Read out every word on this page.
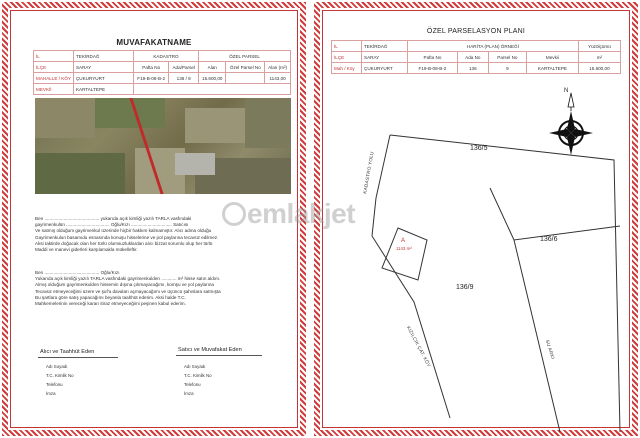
MUVAFAKATNAME
İL	TEKİRDAĞ	KADASTRO		ÖZEL PARSEL		
İLÇE	SARAY	Pafta No	Ada/Parsel	Alan	Özel Parsel No	Alan (m²)
MAHALLE / KÖY	ÇUKURYURT	F19-B-08-B-2	136 / 9	15.600,00		1143,00
MEVKİİ	KARTALTEPE					
Ben ........................................... yukarıda açık kimliği yazılı TARLA vasfındaki
gayrimenkulün .................................. Oğlu/Kızı ................................ Satıcısı
Ve satmış olduğum gayrimenkul üzerinde hiçbir hakkım kalmamıştır. Alıcı adına olduğu
Gayrimenkulun basamıdu esnasında konuşu hisselerine ve pol paylarına tecavüz edilmez.
Aksi taktirde doğacak olan her türlü olumsuzluklardan alıcı bizzat sorumlu olup her türlü
Maddi ve manevi giderleri karşılamakla mükelleftir.
Ben ........................................... Oğlu/Kızı
Yukarıda açık kimliği yazılı TARLA vasfındaki gayrimenkulden ............ m² hisse satın aldım.
Almış olduğum gayrimenkulden hissemin dışına çıkmayacağımı, komşu ve yol paylarına
Tecavüz etmeyeceğimi üzere ve şuf'a davaları açmayacağımı ve üçüncü şahıslara satmışta
Bu şartlara göre satış yapacağımı beyanla taahhüt ederim. Aksi halde T.C.
Mahkemelerinin vereceği kararı itiraz etmeyeceğimi peşinen kabul ederim.
Alıcı ve Taahhüt Eden
Adı Soyadı
T.C. Kimlik No
Telefonu
İmza
Satıcı ve Muvafakat Eden
Adı Soyadı
T.C. Kimlik No
Telefonu
İmza
ÖZEL PARSELASYON PLANI
İL	TEKİRDAĞ	HARİTA (PLAN) ÖRNEĞİ				Yüzölçümü
İLÇE	SARAY	Pafta No	Ada No	Parsel No	Mevkii	m²
Mah / Köy	ÇUKURYURT	F19-B-08-B-2	136	9	KARTALTEPE	15.600,00
N
136/5
136/6
136/9
A
1143 m²
KADASTRO YOLU
KIZILCIK ÇAT. KÖY	SU ARKI
emlakjet
